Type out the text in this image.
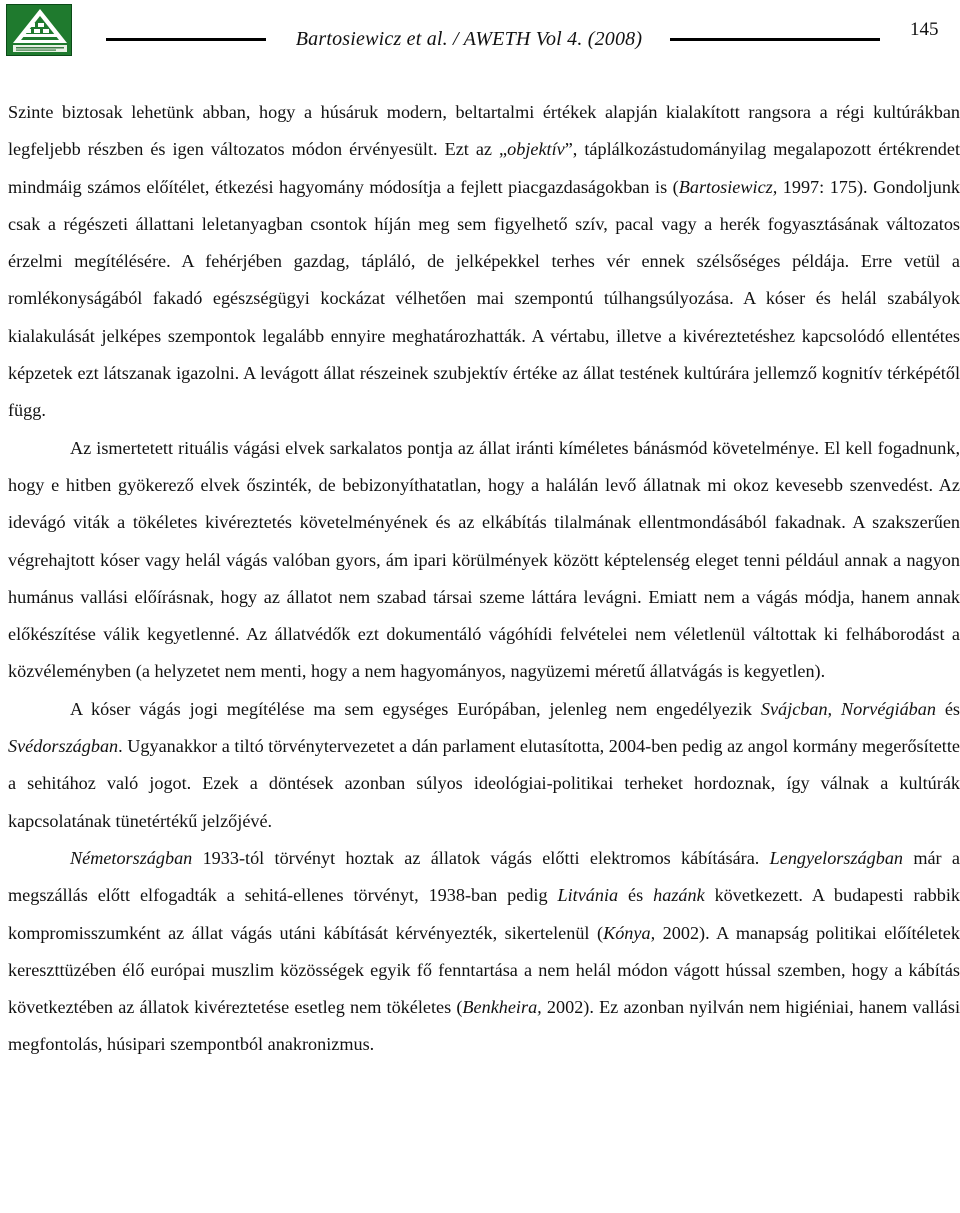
Bartosiewicz et al. / AWETH Vol 4. (2008)	145

Szinte biztosak lehetünk abban, hogy a húsáruk modern, beltartalmi értékek alapján kialakított rangsora a régi kultúrákban legfeljebb részben és igen változatos módon érvényesült. Ezt az „objektív”, táplálkozástudományilag megalapozott értékrendet mindmáig számos előítélet, étkezési hagyomány módosítja a fejlett piacgazdaságokban is (Bartosiewicz, 1997: 175). Gondoljunk csak a régészeti állattani leletanyagban csontok híján meg sem figyelhető szív, pacal vagy a herék fogyasztásának változatos érzelmi megítélésére. A fehérjében gazdag, tápláló, de jelképekkel terhes vér ennek szélsőséges példája. Erre vetül a romlékonyságából fakadó egészségügyi kockázat vélhetően mai szempontú túlhangsúlyozása. A kóser és helál szabályok kialakulását jelképes szempontok legalább ennyire meghatározhatták. A vértabu, illetve a kivéreztetéshez kapcsolódó ellentétes képzetek ezt látszanak igazolni. A levágott állat részeinek szubjektív értéke az állat testének kultúrára jellemző kognitív térképétől függ.

Az ismertetett rituális vágási elvek sarkalatos pontja az állat iránti kíméletes bánásmód követelménye. El kell fogadnunk, hogy e hitben gyökerező elvek őszinték, de bebizonyíthatatlan, hogy a halálán levő állatnak mi okoz kevesebb szenvedést. Az idevágó viták a tökéletes kivéreztetés követelményének és az elkábítás tilalmának ellentmondásából fakadnak. A szakszerűen végrehajtott kóser vagy helál vágás valóban gyors, ám ipari körülmények között képtelenség eleget tenni például annak a nagyon humánus vallási előírásnak, hogy az állatot nem szabad társai szeme láttára levágni. Emiatt nem a vágás módja, hanem annak előkészítése válik kegyetlenné. Az állatvédők ezt dokumentáló vágóhídi felvételei nem véletlenül váltottak ki felháborodást a közvéleményben (a helyzetet nem menti, hogy a nem hagyományos, nagyüzemi méretű állatvágás is kegyetlen).

A kóser vágás jogi megítélése ma sem egységes Európában, jelenleg nem engedélyezik Svájcban, Norvégiában és Svédországban. Ugyanakkor a tiltó törvénytervezetet a dán parlament elutasította, 2004-ben pedig az angol kormány megerősítette a sehitához való jogot. Ezek a döntések azonban súlyos ideológiai-politikai terheket hordoznak, így válnak a kultúrák kapcsolatának tünetértékű jelzőjévé.

Németországban 1933-tól törvényt hoztak az állatok vágás előtti elektromos kábítására. Lengyelországban már a megszállás előtt elfogadták a sehitá-ellenes törvényt, 1938-ban pedig Litvánia és hazánk következett. A budapesti rabbik kompromisszumként az állat vágás utáni kábítását kérvényezték, sikertelenül (Kónya, 2002). A manapság politikai előítéletek kereszttüzében élő európai muszlim közösségek egyik fő fenntartása a nem helál módon vágott hússal szemben, hogy a kábítás következtében az állatok kivéreztetése esetleg nem tökéletes (Benkheira, 2002). Ez azonban nyilván nem higiéniai, hanem vallási megfontolás, húsipari szempontból anakronizmus.
